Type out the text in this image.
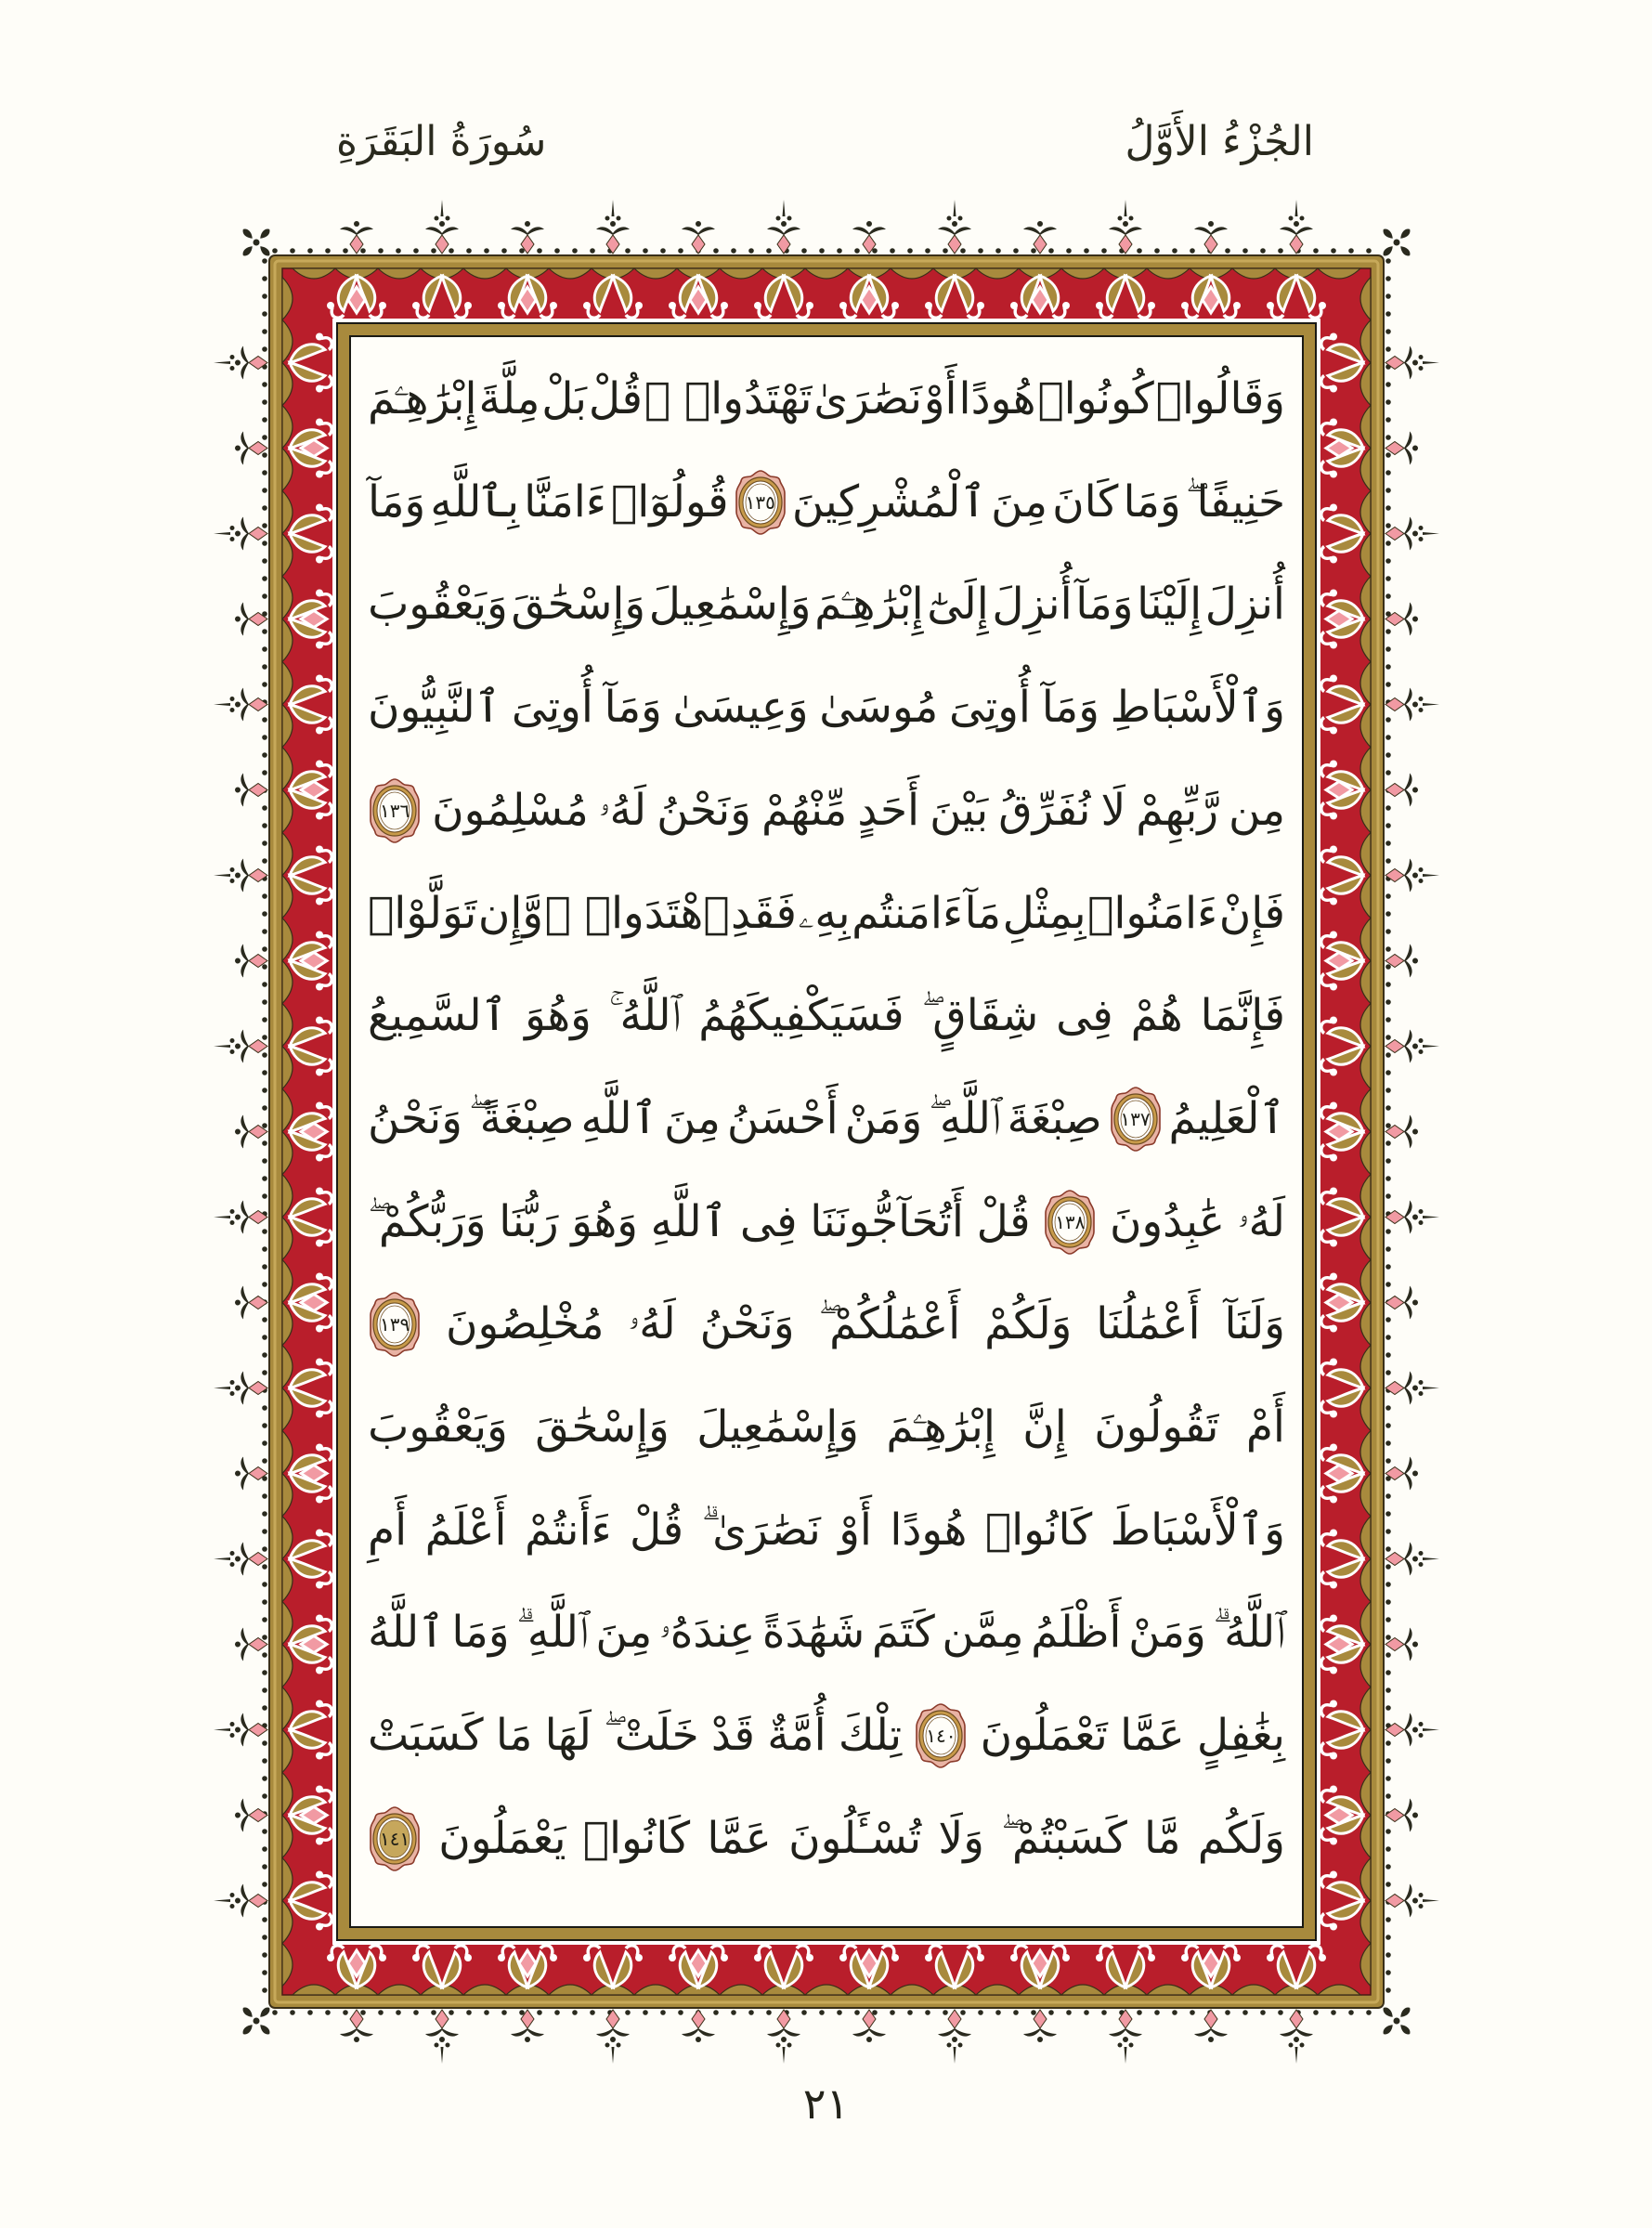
الجُزْءُ الأَوَّلُ
سُورَةُ البَقَرَةِ
وَقَالُوا۟
كُونُوا۟
هُودًا
أَوْ
نَصَٰرَىٰ
تَهْتَدُوا۟ ۗ
قُلْ
بَلْ
مِلَّةَ
إِبْرَٰهِـۧمَ
حَنِيفًا ۖ
وَمَا
كَانَ
مِنَ
ٱلْمُشْرِكِينَ
١٣٥
قُولُوٓا۟
ءَامَنَّا
بِٱللَّهِ
وَمَآ
أُنزِلَ
إِلَيْنَا
وَمَآ
أُنزِلَ
إِلَىٰٓ
إِبْرَٰهِـۧمَ
وَإِسْمَٰعِيلَ
وَإِسْحَٰقَ
وَيَعْقُوبَ
وَٱلْأَسْبَاطِ
وَمَآ
أُوتِىَ
مُوسَىٰ
وَعِيسَىٰ
وَمَآ
أُوتِىَ
ٱلنَّبِيُّونَ
مِن
رَّبِّهِمْ
لَا
نُفَرِّقُ
بَيْنَ
أَحَدٍ
مِّنْهُمْ
وَنَحْنُ
لَهُۥ
مُسْلِمُونَ
١٣٦
فَإِنْ
ءَامَنُوا۟
بِمِثْلِ
مَآ
ءَامَنتُم
بِهِۦ
فَقَدِ
ٱهْتَدَوا۟ ۖ
وَّإِن
تَوَلَّوْا۟
فَإِنَّمَا
هُمْ
فِى
شِقَاقٍ ۖ
فَسَيَكْفِيكَهُمُ
ٱللَّهُ ۚ
وَهُوَ
ٱلسَّمِيعُ
ٱلْعَلِيمُ
١٣٧
صِبْغَةَ
ٱللَّهِ ۖ
وَمَنْ
أَحْسَنُ
مِنَ
ٱللَّهِ
صِبْغَةً ۖ
وَنَحْنُ
لَهُۥ
عَٰبِدُونَ
١٣٨
قُلْ
أَتُحَآجُّونَنَا
فِى
ٱللَّهِ
وَهُوَ
رَبُّنَا
وَرَبُّكُمْ ۖ
وَلَنَآ
أَعْمَٰلُنَا
وَلَكُمْ
أَعْمَٰلُكُمْ ۖ
وَنَحْنُ
لَهُۥ
مُخْلِصُونَ
١٣٩
أَمْ
تَقُولُونَ
إِنَّ
إِبْرَٰهِـۧمَ
وَإِسْمَٰعِيلَ
وَإِسْحَٰقَ
وَيَعْقُوبَ
وَٱلْأَسْبَاطَ
كَانُوا۟
هُودًا
أَوْ
نَصَٰرَىٰ ۗ
قُلْ
ءَأَنتُمْ
أَعْلَمُ
أَمِ
ٱللَّهُ ۗ
وَمَنْ
أَظْلَمُ
مِمَّن
كَتَمَ
شَهَٰدَةً
عِندَهُۥ
مِنَ
ٱللَّهِ ۗ
وَمَا
ٱللَّهُ
بِغَٰفِلٍ
عَمَّا
تَعْمَلُونَ
١٤٠
تِلْكَ
أُمَّةٌ
قَدْ
خَلَتْ ۖ
لَهَا
مَا
كَسَبَتْ
وَلَكُم
مَّا
كَسَبْتُمْ ۖ
وَلَا
تُسْـَٔلُونَ
عَمَّا
كَانُوا۟
يَعْمَلُونَ
١٤١
٢١
